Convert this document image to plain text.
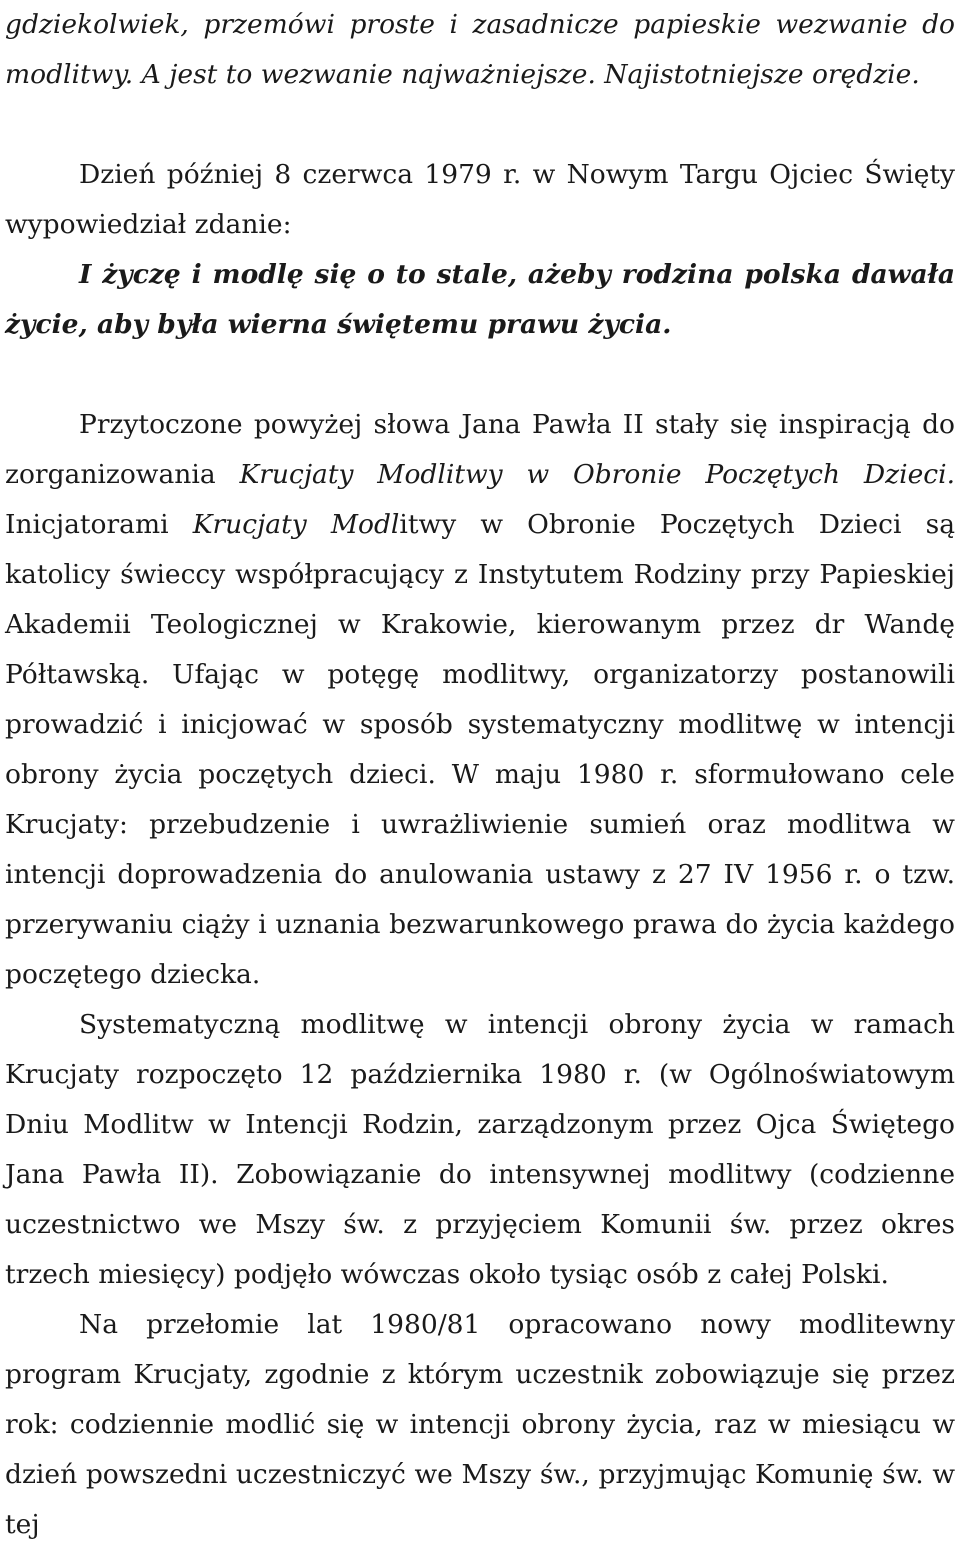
gdziekolwiek, przemówi proste i zasadnicze papieskie wezwanie do modlitwy. A jest to wezwanie najważniejsze. Najistotniejsze orędzie.

Dzień później 8 czerwca 1979 r. w Nowym Targu Ojciec Święty wypowiedział zdanie:

I życzę i modlę się o to stale, ażeby rodzina polska dawała życie, aby była wierna świętemu prawu życia.

Przytoczone powyżej słowa Jana Pawła II stały się inspiracją do zorganizowania Krucjaty Modlitwy w Obronie Poczętych Dzieci. Inicjatorami Krucjaty Modlitwy w Obronie Poczętych Dzieci są katolicy świeccy współpracujący z Instytutem Rodziny przy Papieskiej Akademii Teologicznej w Krakowie, kierowanym przez dr Wandę Półtawską. Ufając w potęgę modlitwy, organizatorzy postanowili prowadzić i inicjować w sposób systematyczny modlitwę w intencji obrony życia poczętych dzieci. W maju 1980 r. sformułowano cele Krucjaty: przebudzenie i uwrażliwienie sumień oraz modlitwa w intencji doprowadzenia do anulowania ustawy z 27 IV 1956 r. o tzw. przerywaniu ciąży i uznania bezwarunkowego prawa do życia każdego poczętego dziecka.

Systematyczną modlitwę w intencji obrony życia w ramach Krucjaty rozpoczęto 12 października 1980 r. (w Ogólnoświatowym Dniu Modlitw w Intencji Rodzin, zarządzonym przez Ojca Świętego Jana Pawła II). Zobowiązanie do intensywnej modlitwy (codzienne uczestnictwo we Mszy św. z przyjęciem Komunii św. przez okres trzech miesięcy) podjęło wówczas około tysiąc osób z całej Polski.

Na przełomie lat 1980/81 opracowano nowy modlitewny program Krucjaty, zgodnie z którym uczestnik zobowiązuje się przez rok: codziennie modlić się w intencji obrony życia, raz w miesiącu w dzień powszedni uczestniczyć we Mszy św., przyjmując Komunię św. w tej
